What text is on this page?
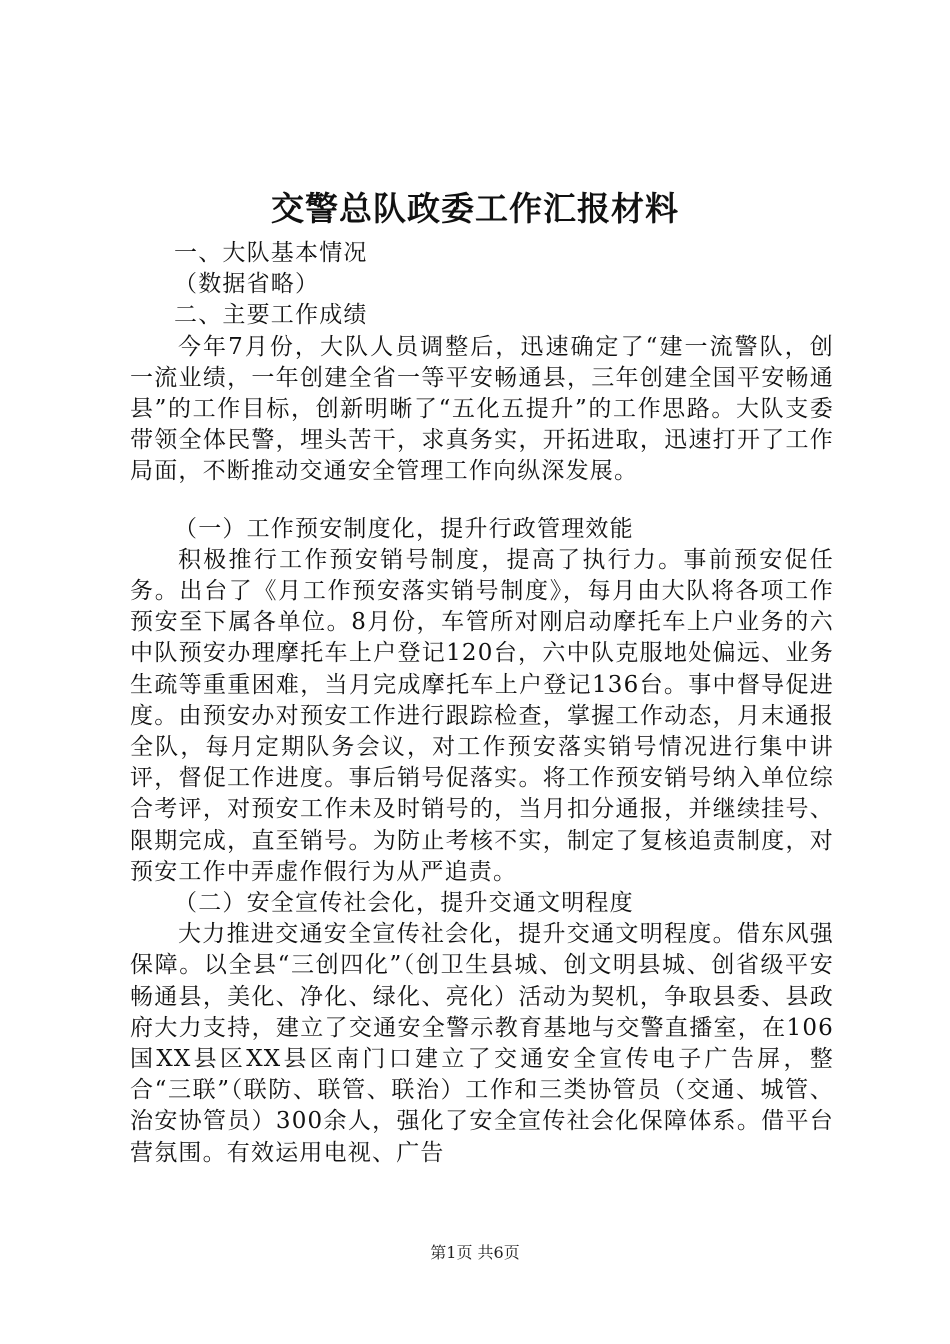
交警总队政委工作汇报材料

一、大队基本情况

（数据省略）

二、主要工作成绩

今年7月份，大队人员调整后，迅速确定了“建一流警队，创一流业绩，一年创建全省一等平安畅通县，三年创建全国平安畅通县”的工作目标，创新明晰了“五化五提升”的工作思路。大队支委带领全体民警，埋头苦干，求真务实，开拓进取，迅速打开了工作局面，不断推动交通安全管理工作向纵深发展。

（一）工作预安制度化，提升行政管理效能

积极推行工作预安销号制度，提高了执行力。事前预安促任务。出台了《月工作预安落实销号制度》，每月由大队将各项工作预安至下属各单位。8月份，车管所对刚启动摩托车上户业务的六中队预安办理摩托车上户登记120台，六中队克服地处偏远、业务生疏等重重困难，当月完成摩托车上户登记136台。事中督导促进度。由预安办对预安工作进行跟踪检查，掌握工作动态，月末通报全队，每月定期队务会议，对工作预安落实销号情况进行集中讲评，督促工作进度。事后销号促落实。将工作预安销号纳入单位综合考评，对预安工作未及时销号的，当月扣分通报，并继续挂号、限期完成，直至销号。为防止考核不实，制定了复核追责制度，对预安工作中弄虚作假行为从严追责。

（二）安全宣传社会化，提升交通文明程度

大力推进交通安全宣传社会化，提升交通文明程度。借东风强保障。以全县“三创四化”（创卫生县城、创文明县城、创省级平安畅通县，美化、净化、绿化、亮化）活动为契机，争取县委、县政府大力支持，建立了交通安全警示教育基地与交警直播室，在106国XX县区XX县区南门口建立了交通安全宣传电子广告屏，整合“三联”（联防、联管、联治）工作和三类协管员（交通、城管、治安协管员）300余人，强化了安全宣传社会化保障体系。借平台营氛围。有效运用电视、广告

第1页 共6页
